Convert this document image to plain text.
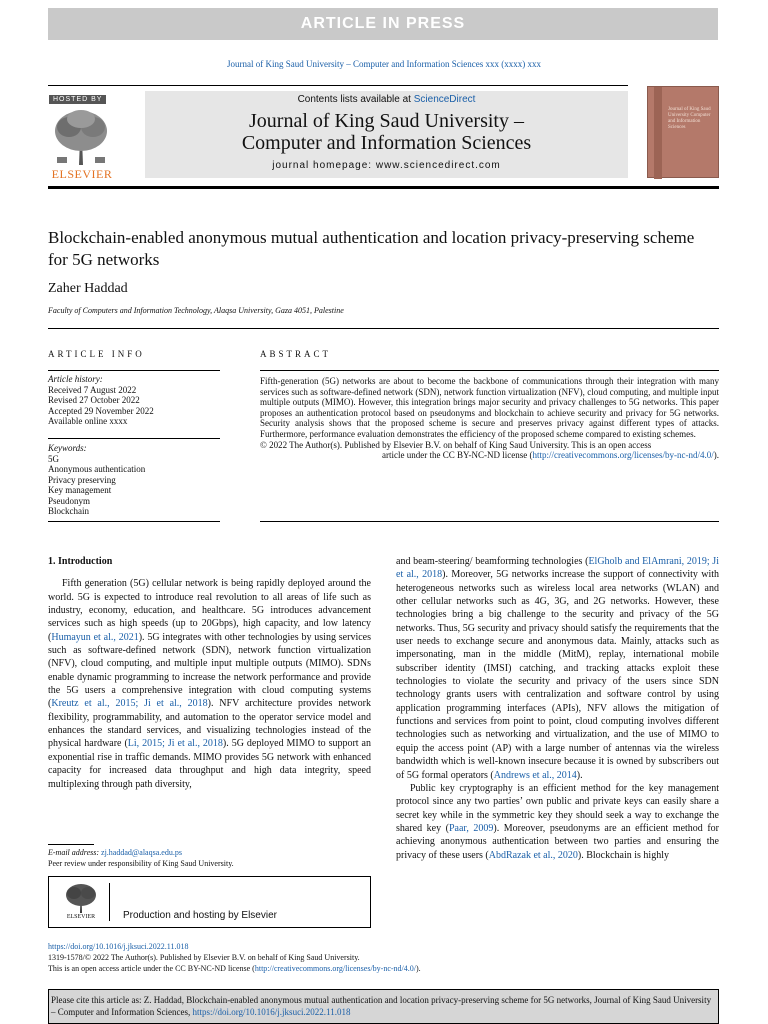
ARTICLE IN PRESS
Journal of King Saud University – Computer and Information Sciences xxx (xxxx) xxx
HOSTED BY
ELSEVIER
Contents lists available at ScienceDirect
Journal of King Saud University –
Computer and Information Sciences
journal homepage: www.sciencedirect.com
Journal of King Saud University Computer and Information Sciences
Blockchain-enabled anonymous mutual authentication and location privacy-preserving scheme for 5G networks
Zaher Haddad
Faculty of Computers and Information Technology, Alaqsa University, Gaza 4051, Palestine
ARTICLE INFO	ABSTRACT
Article history:
Received 7 August 2022
Revised 27 October 2022
Accepted 29 November 2022
Available online xxxx
Keywords:
5G
Anonymous authentication
Privacy preserving
Key management
Pseudonym
Blockchain

Fifth-generation (5G) networks are about to become the backbone of communications through their integration with many services such as software-defined network (SDN), network function virtualization (NFV), cloud computing, and multiple input multiple outputs (MIMO). However, this integration brings major security and privacy challenges to 5G networks. This paper proposes an authentication protocol based on pseudonyms and blockchain to achieve security and privacy for 5G networks. Security analysis shows that the proposed scheme is secure and preserves privacy against different types of attacks. Furthermore, performance evaluation demonstrates the efficiency of the proposed scheme compared to existing schemes.

© 2022 The Author(s). Published by Elsevier B.V. on behalf of King Saud University. This is an open access

article under the CC BY-NC-ND license (http://creativecommons.org/licenses/by-nc-nd/4.0/).

1. Introduction

Fifth generation (5G) cellular network is being rapidly deployed around the world. 5G is expected to introduce real revolution to all areas of life such as industry, economy, education, and healthcare. 5G introduces advancement services such as high speeds (up to 20Gbps), high capacity, and low latency (Humayun et al., 2021). 5G integrates with other technologies by using services such as software-defined network (SDN), network function virtualization (NFV), cloud computing, and multiple input multiple outputs (MIMO). SDNs enable dynamic programming to increase the network performance and provide the 5G users a comprehensive integration with cloud computing systems (Kreutz et al., 2015; Ji et al., 2018). NFV architecture provides network flexibility, programmability, and automation to the operator service model and enhances the standard services, and visualizing technologies instead of the physical hardware (Li, 2015; Ji et al., 2018). 5G deployed MIMO to support an exponential rise in traffic demands. MIMO provides 5G network with enhanced capacity for increased data throughput and high data integrity, speed multiplexing through path diversity,

and beam-steering/ beamforming technologies (ElGholb and ElAmrani, 2019; Ji et al., 2018). Moreover, 5G networks increase the support of connectivity with heterogeneous networks such as wireless local area networks (WLAN) and other cellular networks such as 4G, 3G, and 2G networks. However, these technologies bring a big challenge to the security and privacy of the 5G networks. Thus, 5G security and privacy should satisfy the requirements that the user needs to exchange secure and anonymous data. Mainly, attacks such as impersonating, man in the middle (MitM), replay, international mobile subscriber identity (IMSI) catching, and tracking attacks exploit these technologies to violate the security and privacy of the users since SDN technology grants users with centralization and software control by using application programming interfaces (APIs), NFV allows the mitigation of functions and services from point to point, cloud computing involves different technologies such as networking and virtualization, and the use of MIMO to equip the access point (AP) with a large number of antennas via the wireless bandwidth which is well-known insecure because it is owned by subscribers out of 5G formal operators (Andrews et al., 2014).

Public key cryptography is an efficient method for the key management protocol since any two parties’ own public and private keys can easily share a secret key while in the symmetric key they should seek a way to exchange the shared key (Paar, 2009). Moreover, pseudonyms are an efficient method for achieving anonymous authentication between two parties and ensuring the privacy of these users (AbdRazak et al., 2020). Blockchain is highly

E-mail address: zj.haddad@alaqsa.edu.ps
Peer review under responsibility of King Saud University.
ELSEVIER	Production and hosting by Elsevier
https://doi.org/10.1016/j.jksuci.2022.11.018
1319-1578/© 2022 The Author(s). Published by Elsevier B.V. on behalf of King Saud University.
This is an open access article under the CC BY-NC-ND license (http://creativecommons.org/licenses/by-nc-nd/4.0/).
Please cite this article as: Z. Haddad, Blockchain-enabled anonymous mutual authentication and location privacy-preserving scheme for 5G networks, Journal of King Saud University – Computer and Information Sciences, https://doi.org/10.1016/j.jksuci.2022.11.018
